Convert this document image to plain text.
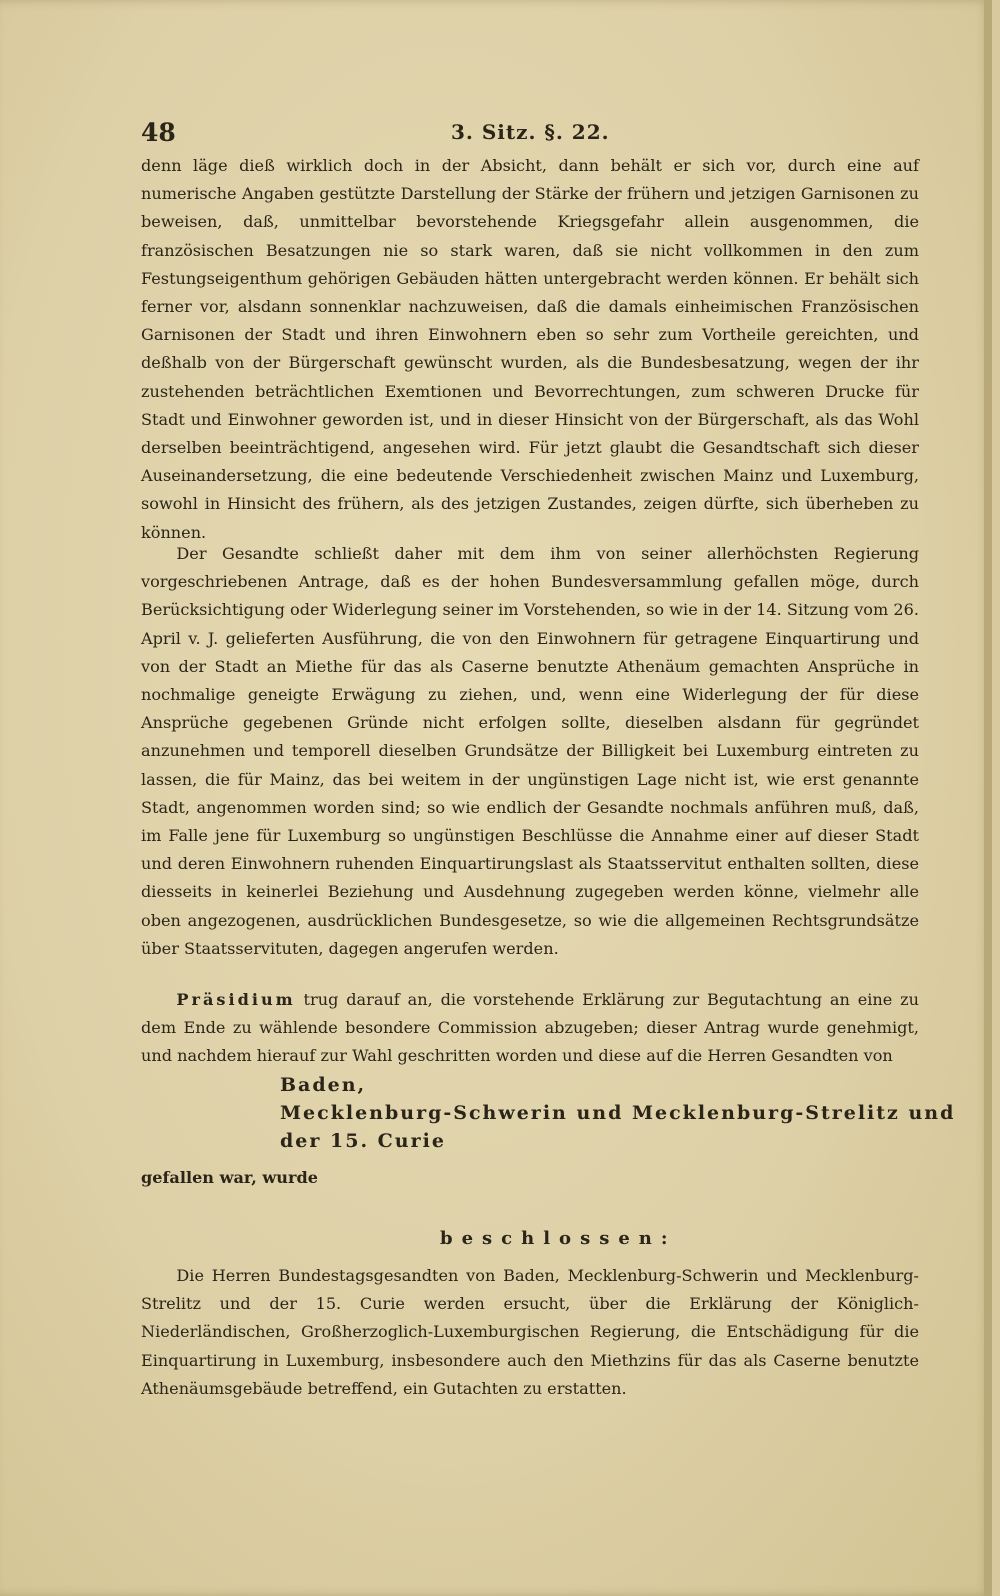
48	3. Sitz. §. 22.

denn läge dieß wirklich doch in der Absicht, dann behält er sich vor, durch eine auf numerische Angaben gestützte Darstellung der Stärke der frühern und jetzigen Garnisonen zu beweisen, daß, unmittelbar bevorstehende Kriegsgefahr allein ausgenommen, die französischen Besatzungen nie so stark waren, daß sie nicht vollkommen in den zum Festungseigenthum gehörigen Gebäuden hätten untergebracht werden können. Er behält sich ferner vor, alsdann sonnenklar nachzuweisen, daß die damals einheimischen Französischen Garnisonen der Stadt und ihren Einwohnern eben so sehr zum Vortheile gereichten, und deßhalb von der Bürgerschaft gewünscht wurden, als die Bundesbesatzung, wegen der ihr zustehenden beträchtlichen Exemtionen und Bevorrechtungen, zum schweren Drucke für Stadt und Einwohner geworden ist, und in dieser Hinsicht von der Bürgerschaft, als das Wohl derselben beeinträchtigend, angesehen wird. Für jetzt glaubt die Gesandtschaft sich dieser Auseinandersetzung, die eine bedeutende Verschiedenheit zwischen Mainz und Luxemburg, sowohl in Hinsicht des frühern, als des jetzigen Zustandes, zeigen dürfte, sich überheben zu können.

Der Gesandte schließt daher mit dem ihm von seiner allerhöchsten Regierung vorgeschriebenen Antrage, daß es der hohen Bundesversammlung gefallen möge, durch Berücksichtigung oder Widerlegung seiner im Vorstehenden, so wie in der 14. Sitzung vom 26. April v. J. gelieferten Ausführung, die von den Einwohnern für getragene Einquartirung und von der Stadt an Miethe für das als Caserne benutzte Athenäum gemachten Ansprüche in nochmalige geneigte Erwägung zu ziehen, und, wenn eine Widerlegung der für diese Ansprüche gegebenen Gründe nicht erfolgen sollte, dieselben alsdann für gegründet anzunehmen und temporell dieselben Grundsätze der Billigkeit bei Luxemburg eintreten zu lassen, die für Mainz, das bei weitem in der ungünstigen Lage nicht ist, wie erst genannte Stadt, angenommen worden sind; so wie endlich der Gesandte nochmals anführen muß, daß, im Falle jene für Luxemburg so ungünstigen Beschlüsse die Annahme einer auf dieser Stadt und deren Einwohnern ruhenden Einquartirungslast als Staatsservitut enthalten sollten, diese diesseits in keinerlei Beziehung und Ausdehnung zugegeben werden könne, vielmehr alle oben angezogenen, ausdrücklichen Bundesgesetze, so wie die allgemeinen Rechtsgrundsätze über Staatsservituten, dagegen angerufen werden.

Präsidium trug darauf an, die vorstehende Erklärung zur Begutachtung an eine zu dem Ende zu wählende besondere Commission abzugeben; dieser Antrag wurde genehmigt, und nachdem hierauf zur Wahl geschritten worden und diese auf die Herren Gesandten von

Baden,
Mecklenburg-Schwerin und Mecklenburg-Strelitz und
der 15. Curie
gefallen war, wurde
beschlossen:

Die Herren Bundestagsgesandten von Baden, Mecklenburg-Schwerin und Mecklenburg-Strelitz und der 15. Curie werden ersucht, über die Erklärung der Königlich-Niederländischen, Großherzoglich-Luxemburgischen Regierung, die Entschädigung für die Einquartirung in Luxemburg, insbesondere auch den Miethzins für das als Caserne benutzte Athenäumsgebäude betreffend, ein Gutachten zu erstatten.
